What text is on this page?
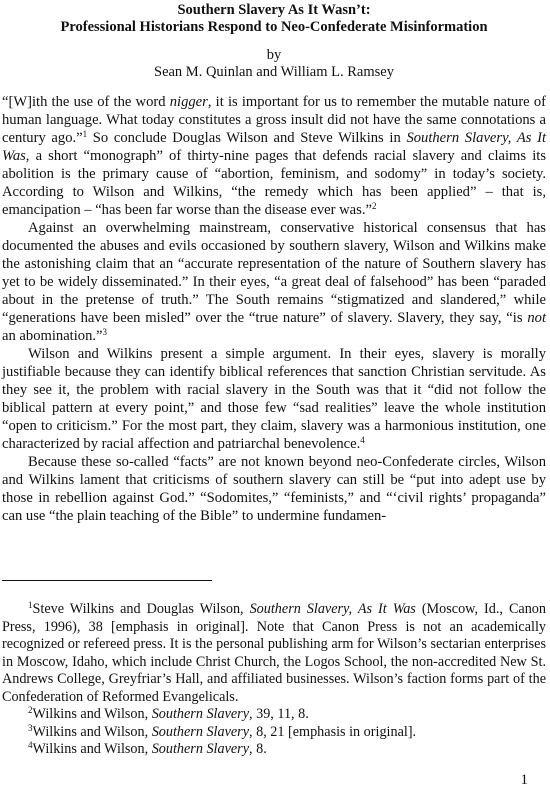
Southern Slavery As It Wasn’t:
Professional Historians Respond to Neo-Confederate Misinformation

by
Sean M. Quinlan and William L. Ramsey

“[W]ith the use of the word nigger, it is important for us to remember the mutable nature of human language. What today constitutes a gross insult did not have the same connotations a century ago.”$^1$ So conclude Douglas Wilson and Steve Wilkins in Southern Slavery, As It Was, a short “monograph” of thirty-nine pages that defends racial slavery and claims its abolition is the primary cause of “abortion, feminism, and sodomy” in today’s society. According to Wilson and Wilkins, “the remedy which has been applied” – that is, emancipation – “has been far worse than the disease ever was.”$^2$

Against an overwhelming mainstream, conservative historical consensus that has documented the abuses and evils occasioned by southern slavery, Wilson and Wilkins make the astonishing claim that an “accurate representation of the nature of Southern slavery has yet to be widely disseminated.” In their eyes, “a great deal of falsehood” has been “paraded about in the pretense of truth.” The South remains “stigmatized and slandered,” while “generations have been misled” over the “true nature” of slavery. Slavery, they say, “is not an abomination.”$^3$

Wilson and Wilkins present a simple argument. In their eyes, slavery is morally justifiable because they can identify biblical references that sanction Christian servitude. As they see it, the problem with racial slavery in the South was that it “did not follow the biblical pattern at every point,” and those few “sad realities” leave the whole institution “open to criticism.” For the most part, they claim, slavery was a harmonious institution, one characterized by racial affection and patriarchal benevolence.$^4$

Because these so-called “facts” are not known beyond neo-Confederate circles, Wilson and Wilkins lament that criticisms of southern slavery can still be “put into adept use by those in rebellion against God.” “Sodomites,” “feminists,” and “‘civil rights’ propaganda” can use “the plain teaching of the Bible” to undermine fundamen-

$^1$Steve Wilkins and Douglas Wilson, Southern Slavery, As It Was (Moscow, Id., Canon Press, 1996), 38 [emphasis in original]. Note that Canon Press is not an academically recognized or refereed press. It is the personal publishing arm for Wilson’s sectarian enterprises in Moscow, Idaho, which include Christ Church, the Logos School, the non-accredited New St. Andrews College, Greyfriar’s Hall, and affiliated businesses. Wilson’s faction forms part of the Confederation of Reformed Evangelicals.

$^2$Wilkins and Wilson, Southern Slavery, 39, 11, 8.

$^3$Wilkins and Wilson, Southern Slavery, 8, 21 [emphasis in original].

$^4$Wilkins and Wilson, Southern Slavery, 8.

1
